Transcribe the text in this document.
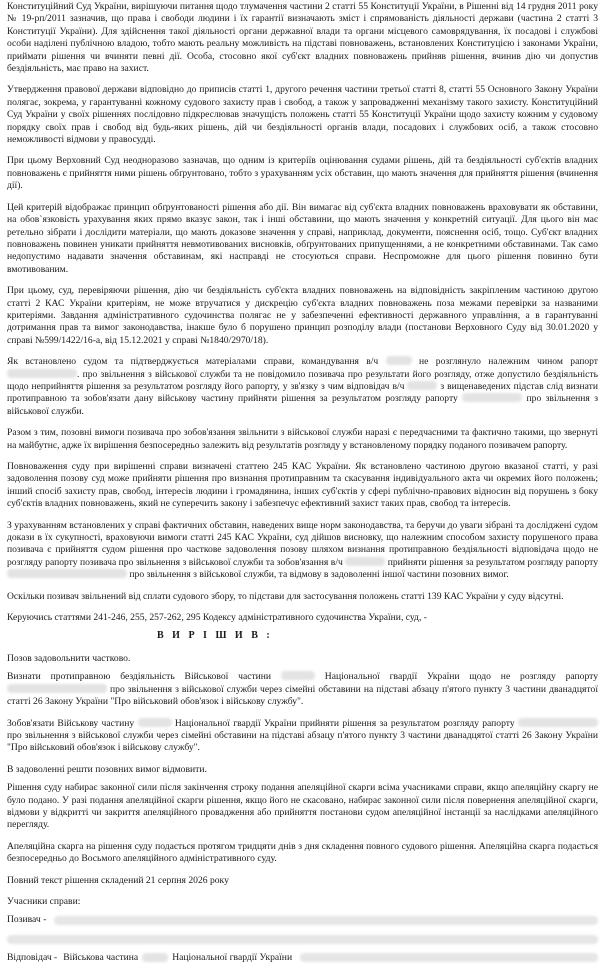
Конституційний Суд України, вирішуючи питання щодо тлумачення частини 2 статті 55 Конституції України, в Рішенні від 14 грудня 2011 року № 19-рп/2011 зазначив, що права і свободи людини і їх гарантії визначають зміст і спрямованість діяльності держави (частина 2 статті 3 Конституції України). Для здійснення такої діяльності органи державної влади та органи місцевого самоврядування, їх посадові і службові особи наділені публічною владою, тобто мають реальну можливість на підставі повноважень, встановлених Конституцією і законами України, приймати рішення чи вчиняти певні дії. Особа, стосовно якої суб'єкт владних повноважень прийняв рішення, вчинив дію чи допустив бездіяльність, має право на захист.

Утвердження правової держави відповідно до приписів статті 1, другого речення частини третьої статті 8, статті 55 Основного Закону України полягає, зокрема, у гарантуванні кожному судового захисту прав і свобод, а також у запровадженні механізму такого захисту. Конституційний Суд України у своїх рішеннях послідовно підкреслював значущість положень статті 55 Конституції України щодо захисту кожним у судовому порядку своїх прав і свобод від будь-яких рішень, дій чи бездіяльності органів влади, посадових і службових осіб, а також стосовно неможливості відмови у правосудді.

При цьому Верховний Суд неодноразово зазначав, що одним із критеріїв оцінювання судами рішень, дій та бездіяльності суб'єктів владних повноважень є прийняття ними рішень обґрунтовано, тобто з урахуванням усіх обставин, що мають значення для прийняття рішення (вчинення дії).

Цей критерій відображає принцип обґрунтованості рішення або дії. Він вимагає від суб'єкта владних повноважень враховувати як обставини, на обов`язковість урахування яких прямо вказує закон, так і інші обставини, що мають значення у конкретній ситуації. Для цього він має ретельно зібрати і дослідити матеріали, що мають доказове значення у справі, наприклад, документи, пояснення осіб, тощо. Суб'єкт владних повноважень повинен уникати прийняття невмотивованих висновків, обґрунтованих припущеннями, а не конкретними обставинами. Так само недопустимо надавати значення обставинам, які насправді не стосуються справи. Неспроможне для цього рішення повинно бути вмотивованим.

При цьому, суд, перевіряючи рішення, дію чи бездіяльність суб'єкта владних повноважень на відповідність закріпленим частиною другою статті 2 КАС України критеріям, не може втручатися у дискрецію суб'єкта владних повноважень поза межами перевірки за названими критеріями. Завдання адміністративного судочинства полягає не у забезпеченні ефективності державного управління, а в гарантуванні дотримання прав та вимог законодавства, інакше було б порушено принцип розподілу влади (постанови Верховного Суду від 30.01.2020 у справі №599/1422/16-а, від 15.12.2021 у справі №1840/2970/18).

Як встановлено судом та підтверджується матеріалами справи, командування в/ч	не розглянуло належним чином рапорт . про звільнення з військової служби та не повідомило позивача про результати його розгляду, отже допустило бездіяльність щодо неприйняття рішення за результатом розгляду його рапорту, у зв'язку з чим відповідач в/ч	з вищенаведених підстав слід визнати протиправною та зобов'язати дану військову частину прийняти рішення за результатом розгляду рапорту	про звільнення з військової служби.

Разом з тим, позовні вимоги позивача про зобов'язання звільнити з військової служби наразі є передчасними та фактично такими, що звернуті на майбутнє, адже їх вирішення безпосередньо залежить від результатів розгляду у встановленому порядку поданого позивачем рапорту.

Повноваження суду при вирішенні справи визначені статтею 245 КАС України. Як встановлено частиною другою вказаної статті, у разі задоволення позову суд може прийняти рішення про визнання протиправним та скасування індивідуального акта чи окремих його положень; інший спосіб захисту прав, свобод, інтересів людини і громадянина, інших суб'єктів у сфері публічно-правових відносин від порушень з боку суб'єктів владних повноважень, який не суперечить закону і забезпечує ефективний захист таких прав, свобод та інтересів.

З урахуванням встановлених у справі фактичних обставин, наведених вище норм законодавства, та беручи до уваги зібрані та досліджені судом докази в їх сукупності, враховуючи вимоги статті 245 КАС України, суд дійшов висновку, що належним способом захисту порушеного права позивача є прийняття судом рішення про часткове задоволення позову шляхом визнання протиправною бездіяльності відповідача щодо не розгляду рапорту позивача про звільнення з військової служби та зобов'язання в/ч	прийняти рішення за результатом розгляду рапорту  про звільнення з військової служби, та відмову в задоволенні іншої частини позовних вимог.

Оскільки позивач звільнений від сплати судового збору, то підстави для застосування положень статті 139 КАС України у суду відсутні.

Керуючись статтями 241-246, 255, 257-262, 295 Кодексу адміністративного судочинства України, суд, -

В И Р І Ш И В :

Позов задовольнити частково.

Визнати протиправною бездіяльність Військової частини	Національної гвардії України щодо не розгляду рапорту  про звільнення з військової служби через сімейні обставини на підставі абзацу п'ятого пункту 3 частини дванадцятої статті 26 Закону України "Про військовий обов'язок і військову службу".

Зобов'язати Військову частину	Національної гвардії України прийняти рішення за результатом розгляду рапорту  про звільнення з військової служби через сімейні обставини на підставі абзацу п'ятого пункту 3 частини дванадцятої статті 26 Закону України "Про військовий обов'язок і військову службу".

В задоволенні решти позовних вимог відмовити.

Рішення суду набирає законної сили після закінчення строку подання апеляційної скарги всіма учасниками справи, якщо апеляційну скаргу не було подано. У разі подання апеляційної скарги рішення, якщо його не скасовано, набирає законної сили після повернення апеляційної скарги, відмови у відкритті чи закриття апеляційного провадження або прийняття постанови судом апеляційної інстанції за наслідками апеляційного перегляду.

Апеляційна скарга на рішення суду подається протягом тридцяти днів з дня складення повного судового рішення. Апеляційна скарга подається безпосередньо до Восьмого апеляційного адміністративного суду.

Повний текст рішення складений 21 серпня 2026 року

Учасники справи:

Позивач -
Відповідач - Військова частина	Національної гвардії України
